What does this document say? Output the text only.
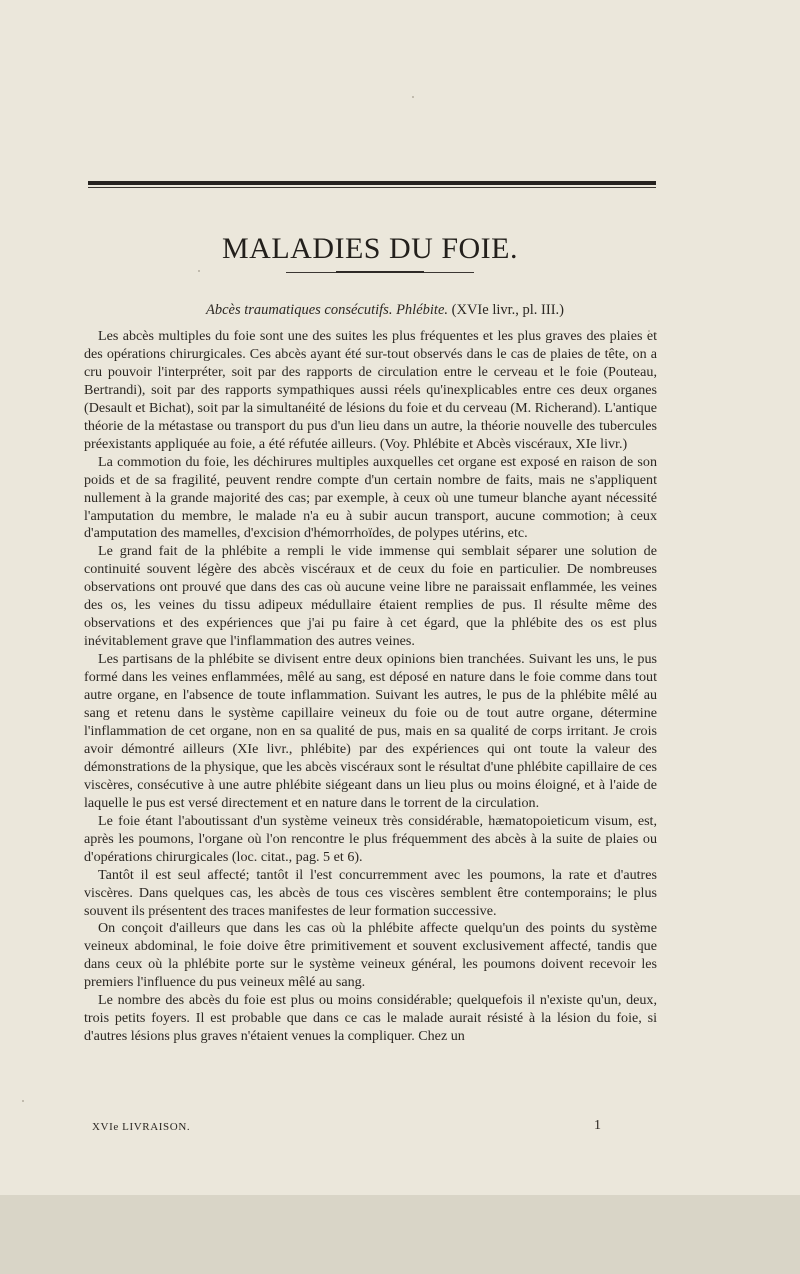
MALADIES DU FOIE.
Abcès traumatiques consécutifs. Phlébite. (XVIe livr., pl. III.)

Les abcès multiples du foie sont une des suites les plus fréquentes et les plus graves des plaies et des opérations chirurgicales. Ces abcès ayant été sur-tout observés dans le cas de plaies de tête, on a cru pouvoir l'interpréter, soit par des rapports de circulation entre le cerveau et le foie (Pouteau, Bertrandi), soit par des rapports sympathiques aussi réels qu'inexplicables entre ces deux organes (Desault et Bichat), soit par la simultanéité de lésions du foie et du cerveau (M. Richerand). L'antique théorie de la métastase ou transport du pus d'un lieu dans un autre, la théorie nouvelle des tubercules préexistants appliquée au foie, a été réfutée ailleurs. (Voy. Phlébite et Abcès viscéraux, XIe livr.)

La commotion du foie, les déchirures multiples auxquelles cet organe est exposé en raison de son poids et de sa fragilité, peuvent rendre compte d'un certain nombre de faits, mais ne s'appliquent nullement à la grande majorité des cas; par exemple, à ceux où une tumeur blanche ayant nécessité l'amputation du membre, le malade n'a eu à subir aucun transport, aucune commotion; à ceux d'amputation des mamelles, d'excision d'hémorrhoïdes, de polypes utérins, etc.

Le grand fait de la phlébite a rempli le vide immense qui semblait séparer une solution de continuité souvent légère des abcès viscéraux et de ceux du foie en particulier. De nombreuses observations ont prouvé que dans des cas où aucune veine libre ne paraissait enflammée, les veines des os, les veines du tissu adipeux médullaire étaient remplies de pus. Il résulte même des observations et des expériences que j'ai pu faire à cet égard, que la phlébite des os est plus inévitablement grave que l'inflammation des autres veines.

Les partisans de la phlébite se divisent entre deux opinions bien tranchées. Suivant les uns, le pus formé dans les veines enflammées, mêlé au sang, est déposé en nature dans le foie comme dans tout autre organe, en l'absence de toute inflammation. Suivant les autres, le pus de la phlébite mêlé au sang et retenu dans le système capillaire veineux du foie ou de tout autre organe, détermine l'inflammation de cet organe, non en sa qualité de pus, mais en sa qualité de corps irritant. Je crois avoir démontré ailleurs (XIe livr., phlébite) par des expériences qui ont toute la valeur des démonstrations de la physique, que les abcès viscéraux sont le résultat d'une phlébite capillaire de ces viscères, consécutive à une autre phlébite siégeant dans un lieu plus ou moins éloigné, et à l'aide de laquelle le pus est versé directement et en nature dans le torrent de la circulation.

Le foie étant l'aboutissant d'un système veineux très considérable, hæmatopoieticum visum, est, après les poumons, l'organe où l'on rencontre le plus fréquemment des abcès à la suite de plaies ou d'opérations chirurgicales (loc. citat., pag. 5 et 6).

Tantôt il est seul affecté; tantôt il l'est concurremment avec les poumons, la rate et d'autres viscères. Dans quelques cas, les abcès de tous ces viscères semblent être contemporains; le plus souvent ils présentent des traces manifestes de leur formation successive.

On conçoit d'ailleurs que dans les cas où la phlébite affecte quelqu'un des points du système veineux abdominal, le foie doive être primitivement et souvent exclusivement affecté, tandis que dans ceux où la phlébite porte sur le système veineux général, les poumons doivent recevoir les premiers l'influence du pus veineux mêlé au sang.

Le nombre des abcès du foie est plus ou moins considérable; quelquefois il n'existe qu'un, deux, trois petits foyers. Il est probable que dans ce cas le malade aurait résisté à la lésion du foie, si d'autres lésions plus graves n'étaient venues la compliquer. Chez un

XVIe LIVRAISON.	1
